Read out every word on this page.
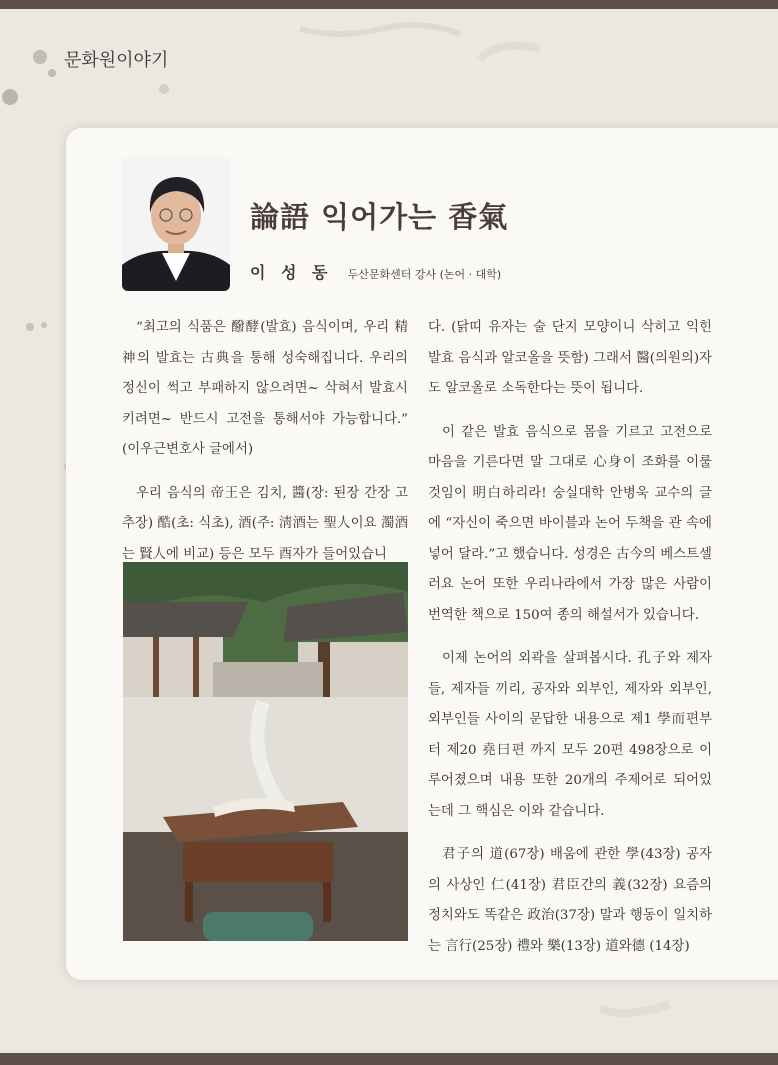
문화원이야기
論語 익어가는 香氣
이 성 동 두산문화센터 강사 (논어 · 대학)

“최고의 식품은 醱酵(발효) 음식이며, 우리 精神의 발효는 古典을 통해 성숙해집니다. 우리의 정신이 썩고 부패하지 않으려면~ 삭혀서 발효시키려면~ 반드시 고전을 통해서야 가능합니다.” (이우근변호사 글에서)

우리 음식의 帝王은 김치, 醬(장: 된장 간장 고추장) 酷(초: 식초), 酒(주: 淸酒는 聖人이요 濁酒는 賢人에 비교) 등은 모두 酉자가 들어있습니

다. (닭띠 유자는 술 단지 모양이니 삭히고 익힌 발효 음식과 알코올을 뜻함) 그래서 醫(의원의)자도 알코올로 소독한다는 뜻이 됩니다.

이 같은 발효 음식으로 몸을 기르고 고전으로 마음을 기른다면 말 그대로 心身이 조화를 이룰 것임이 明白하리라! 숭실대학 안병욱 교수의 글에 “자신이 죽으면 바이블과 논어 두책을 관 속에 넣어 달라.”고 했습니다. 성경은 古今의 베스트셀러요 논어 또한 우리나라에서 가장 많은 사람이 번역한 책으로 150여 종의 해설서가 있습니다.

이제 논어의 외곽을 살펴봅시다. 孔子와 제자들, 제자들 끼리, 공자와 외부인, 제자와 외부인, 외부인들 사이의 문답한 내용으로 제1 學而편부터 제20 堯曰편 까지 모두 20편 498장으로 이루어졌으며 내용 또한 20개의 주제어로 되어있는데 그 핵심은 이와 같습니다.

君子의 道(67장) 배움에 관한 學(43장) 공자의 사상인 仁(41장) 君臣간의 義(32장) 요즘의 정치와도 똑같은 政治(37장) 말과 행동이 일치하는 言行(25장) 禮와 樂(13장) 道와德 (14장)
